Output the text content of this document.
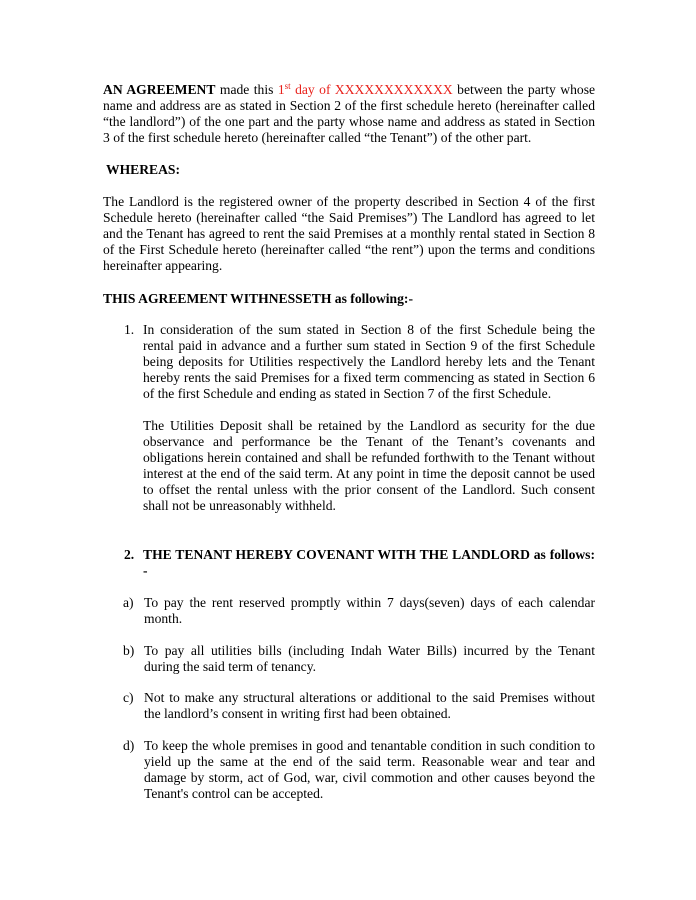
AN AGREEMENT made this 1st day of XXXXXXXXXXXX between the party whose name and address are as stated in Section 2 of the first schedule hereto (hereinafter called “the landlord”) of the one part and the party whose name and address as stated in Section 3 of the first schedule hereto (hereinafter called “the Tenant”) of the other part.

WHEREAS:

The Landlord is the registered owner of the property described in Section 4 of the first Schedule hereto (hereinafter called “the Said Premises”) The Landlord has agreed to let and the Tenant has agreed to rent the said Premises at a monthly rental stated in Section 8 of the First Schedule hereto (hereinafter called “the rent”) upon the terms and conditions hereinafter appearing.

THIS AGREEMENT WITHNESSETH as following:-

1. In consideration of the sum stated in Section 8 of the first Schedule being the rental paid in advance and a further sum stated in Section 9 of the first Schedule being deposits for Utilities respectively the Landlord hereby lets and the Tenant hereby rents the said Premises for a fixed term commencing as stated in Section 6 of the first Schedule and ending as stated in Section 7 of the first Schedule.

The Utilities Deposit shall be retained by the Landlord as security for the due observance and performance be the Tenant of the Tenant’s covenants and obligations herein contained and shall be refunded forthwith to the Tenant without interest at the end of the said term. At any point in time the deposit cannot be used to offset the rental unless with the prior consent of the Landlord. Such consent shall not be unreasonably withheld.

2. THE TENANT HEREBY COVENANT WITH THE LANDLORD as follows: -

a) To pay the rent reserved promptly within 7 days(seven) days of each calendar month.

b) To pay all utilities bills (including Indah Water Bills) incurred by the Tenant during the said term of tenancy.

c) Not to make any structural alterations or additional to the said Premises without the landlord’s consent in writing first had been obtained.

d) To keep the whole premises in good and tenantable condition in such condition to yield up the same at the end of the said term. Reasonable wear and tear and damage by storm, act of God, war, civil commotion and other causes beyond the Tenant's control can be accepted.
